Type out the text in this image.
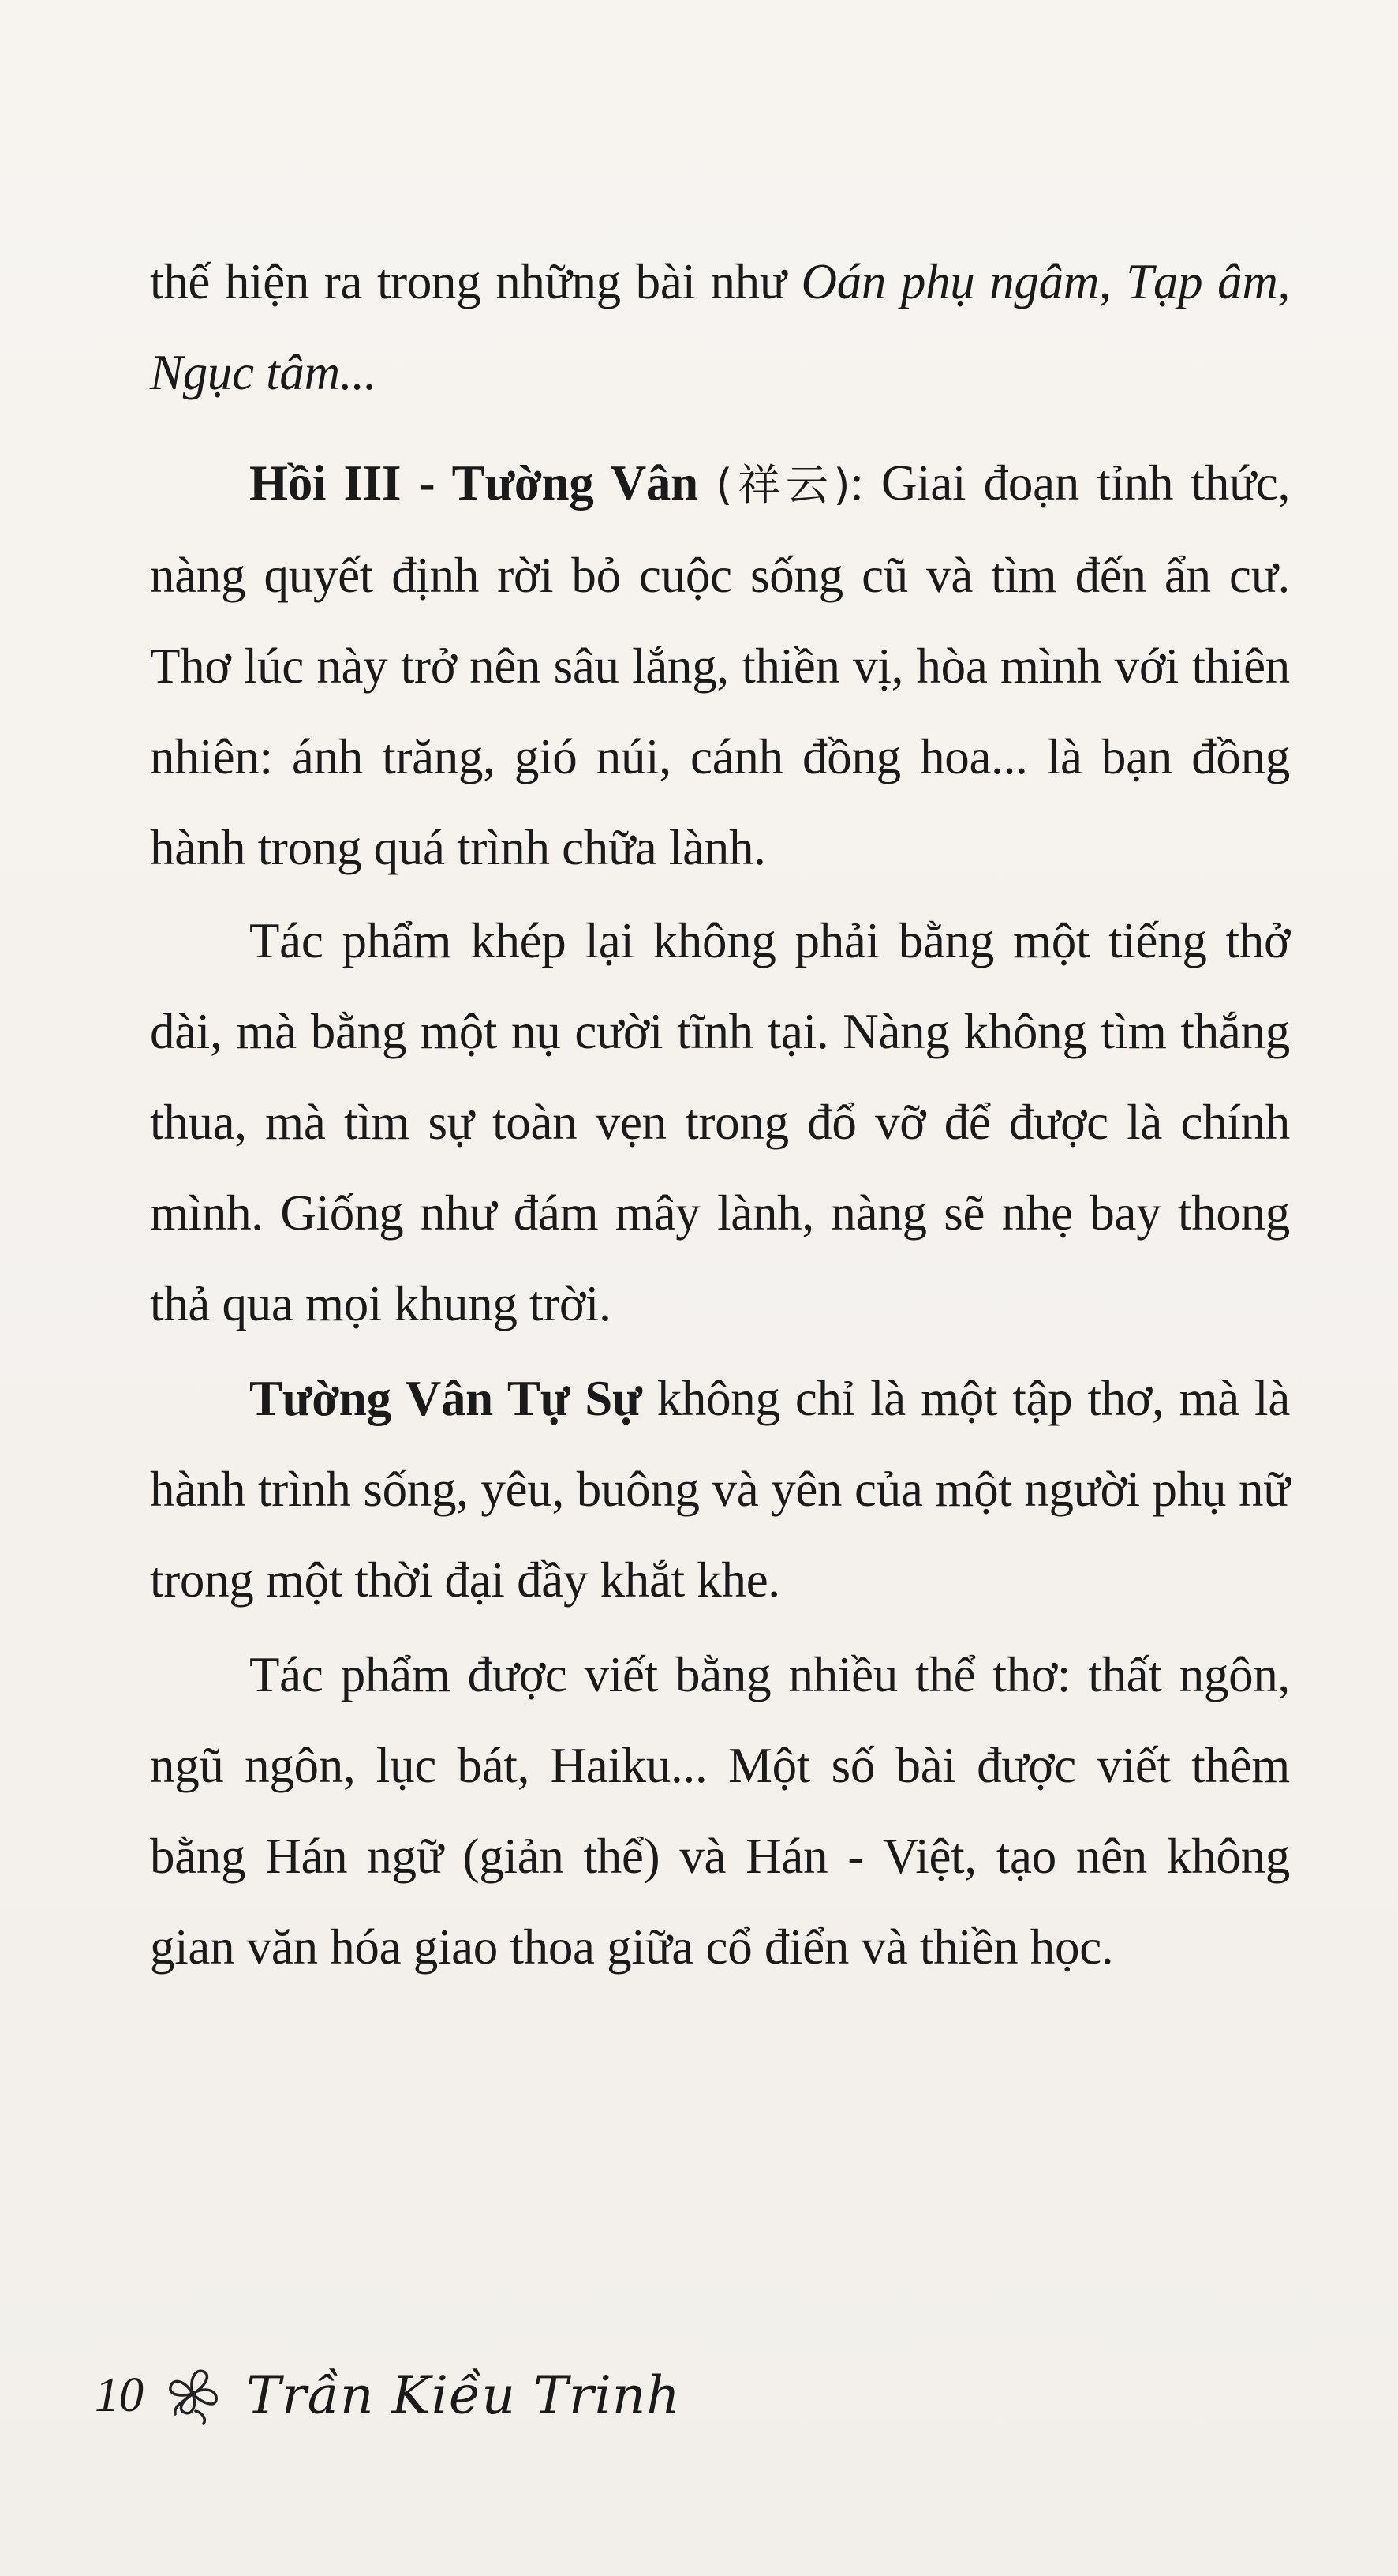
thế hiện ra trong những bài như Oán phụ ngâm, Tạp âm, Ngục tâm...

Hồi III - Tường Vân (祥云): Giai đoạn tỉnh thức, nàng quyết định rời bỏ cuộc sống cũ và tìm đến ẩn cư. Thơ lúc này trở nên sâu lắng, thiền vị, hòa mình với thiên nhiên: ánh trăng, gió núi, cánh đồng hoa... là bạn đồng hành trong quá trình chữa lành.

Tác phẩm khép lại không phải bằng một tiếng thở dài, mà bằng một nụ cười tĩnh tại. Nàng không tìm thắng thua, mà tìm sự toàn vẹn trong đổ vỡ để được là chính mình. Giống như đám mây lành, nàng sẽ nhẹ bay thong thả qua mọi khung trời.

Tường Vân Tự Sự không chỉ là một tập thơ, mà là hành trình sống, yêu, buông và yên của một người phụ nữ trong một thời đại đầy khắt khe.

Tác phẩm được viết bằng nhiều thể thơ: thất ngôn, ngũ ngôn, lục bát, Haiku... Một số bài được viết thêm bằng Hán ngữ (giản thể) và Hán - Việt, tạo nên không gian văn hóa giao thoa giữa cổ điển và thiền học.

10 Trần Kiều Trinh
